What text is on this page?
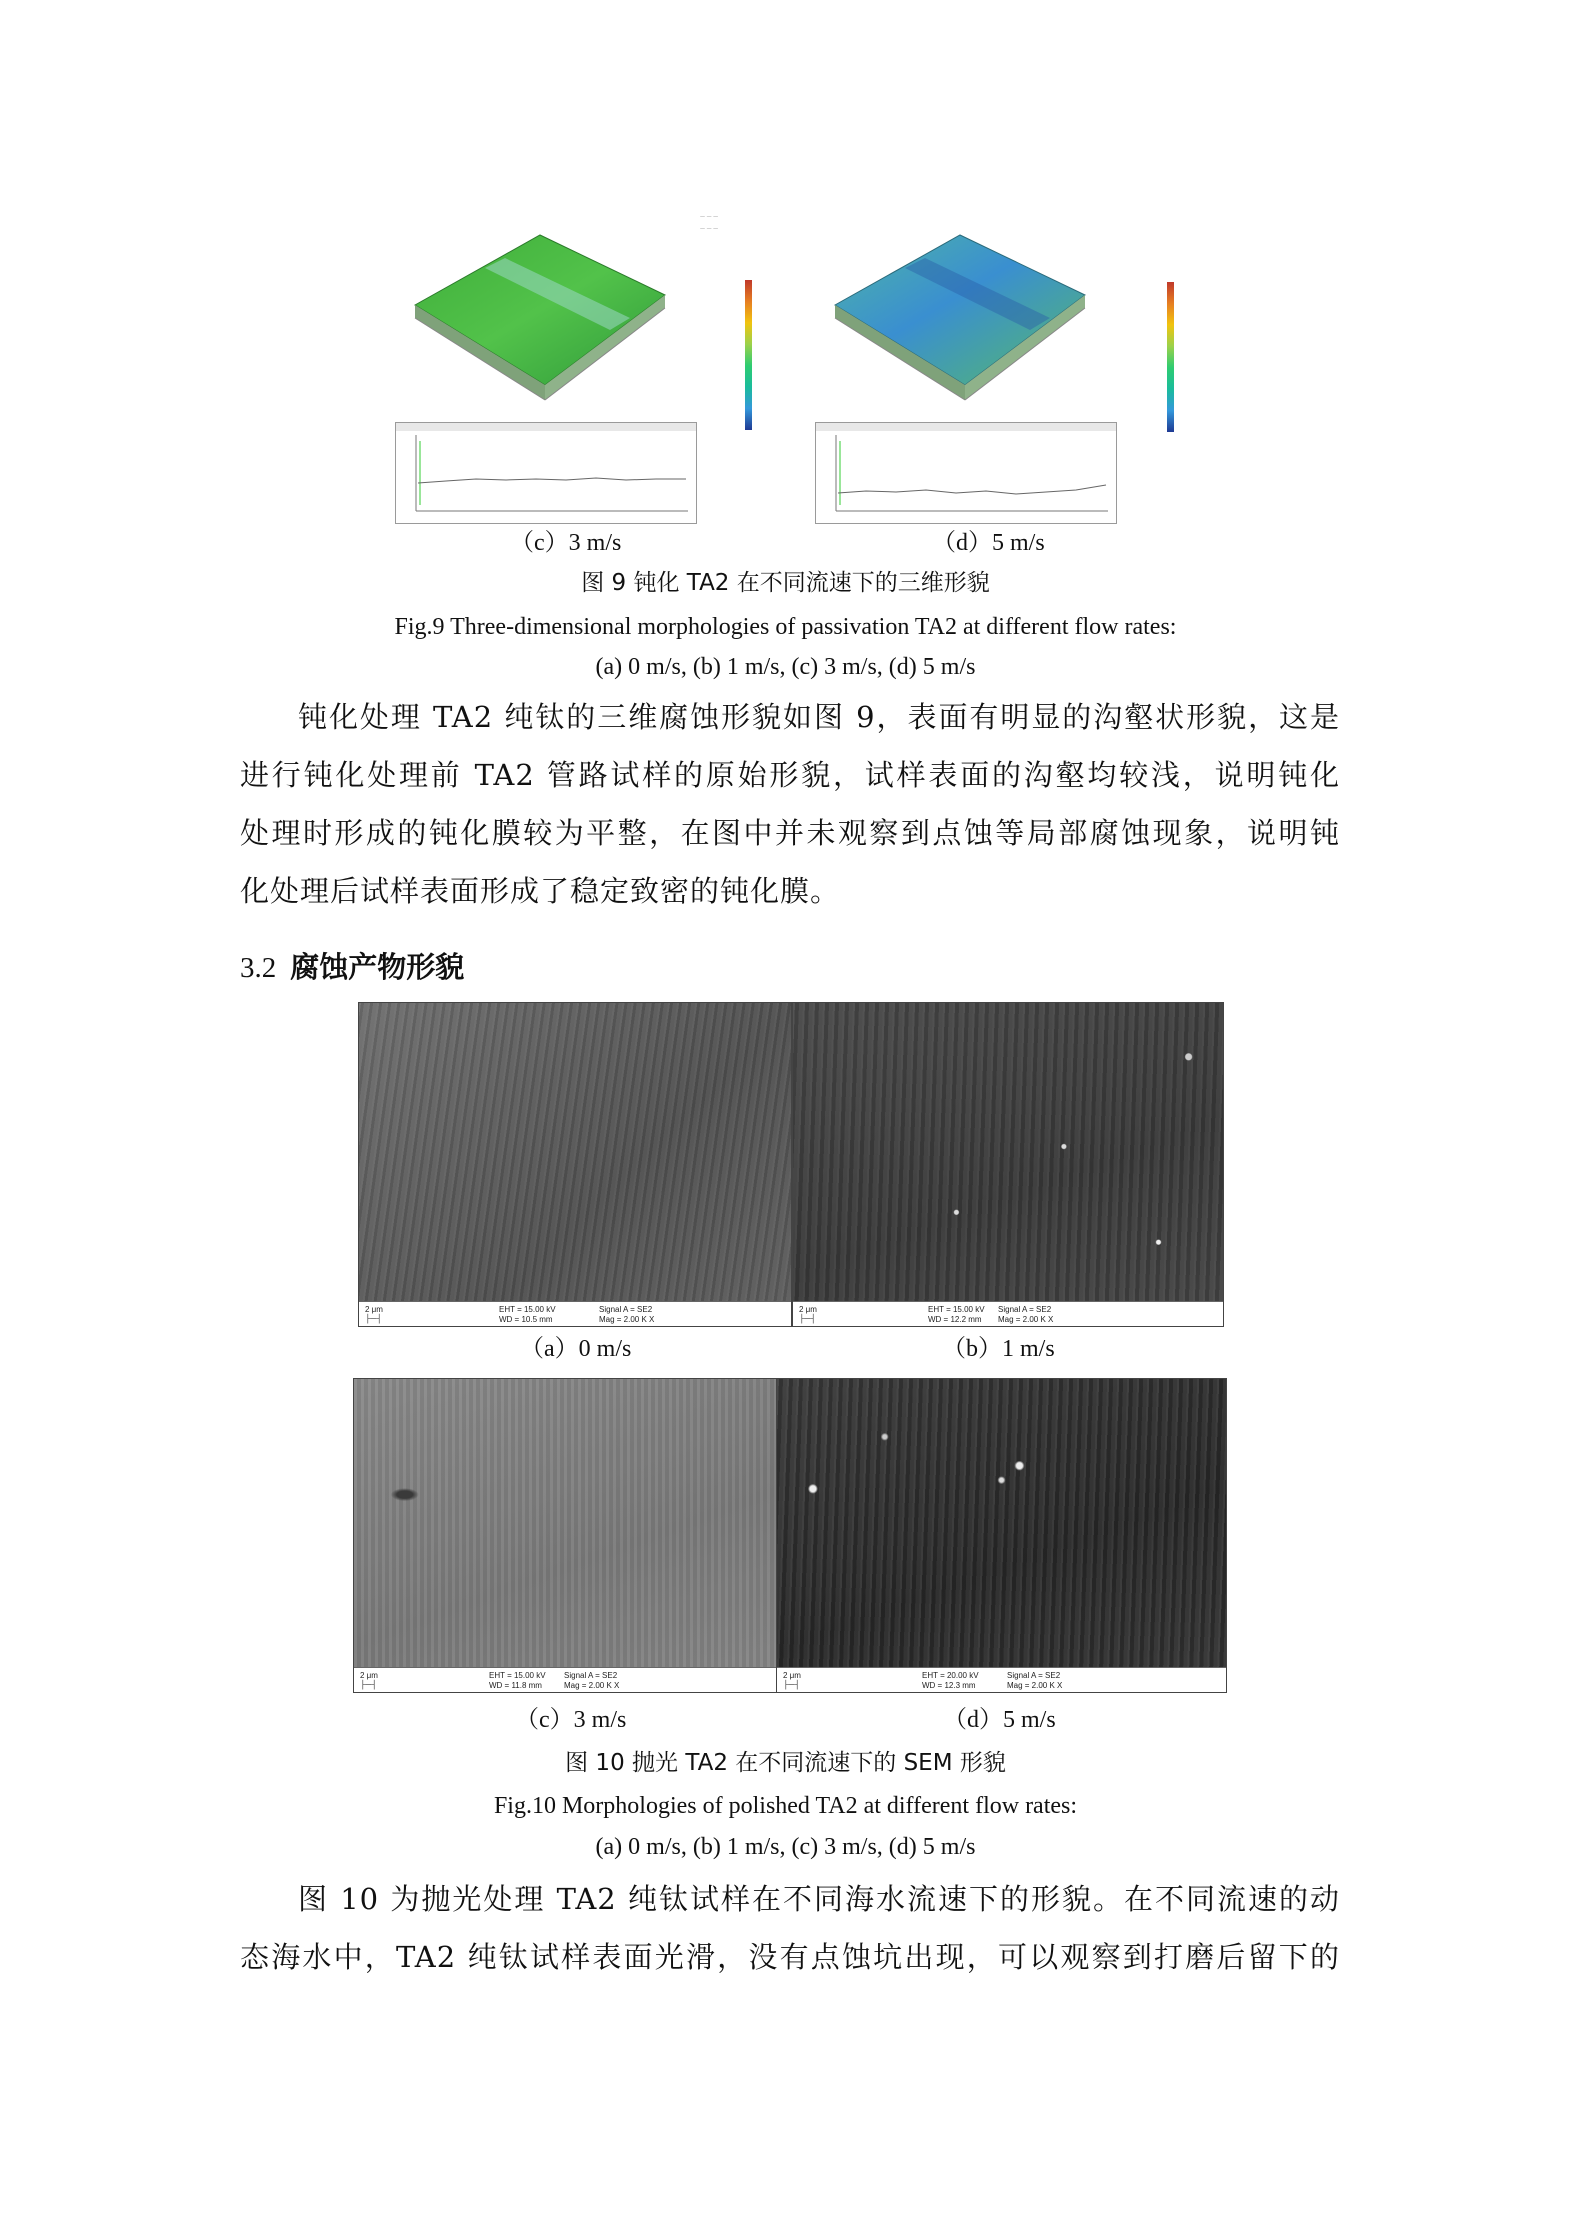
— — —
— — —
（c）3 m/s	（d）5 m/s
图 9 钝化 TA2 在不同流速下的三维形貌
Fig.9 Three-dimensional morphologies of passivation TA2 at different flow rates:
(a) 0 m/s, (b) 1 m/s, (c) 3 m/s, (d) 5 m/s
钝化处理 TA2 纯钛的三维腐蚀形貌如图 9，表面有明显的沟壑状形貌，这是
进行钝化处理前 TA2 管路试样的原始形貌，试样表面的沟壑均较浅，说明钝化
处理时形成的钝化膜较为平整，在图中并未观察到点蚀等局部腐蚀现象，说明钝
化处理后试样表面形成了稳定致密的钝化膜。
3.2 腐蚀产物形貌
2 μm
├─┤
EHT = 15.00 kV
WD = 10.5 mm
Signal A = SE2
Mag = 2.00 K X
2 μm
├─┤
EHT = 15.00 kV
WD = 12.2 mm
Signal A = SE2
Mag = 2.00 K X
（a）0 m/s	（b）1 m/s
2 μm
├─┤
EHT = 15.00 kV
WD = 11.8 mm
Signal A = SE2
Mag = 2.00 K X
2 μm
├─┤
EHT = 20.00 kV
WD = 12.3 mm
Signal A = SE2
Mag = 2.00 K X
（c）3 m/s	（d）5 m/s
图 10 抛光 TA2 在不同流速下的 SEM 形貌
Fig.10 Morphologies of polished TA2 at different flow rates:
(a) 0 m/s, (b) 1 m/s, (c) 3 m/s, (d) 5 m/s
图 10 为抛光处理 TA2 纯钛试样在不同海水流速下的形貌。在不同流速的动
态海水中，TA2 纯钛试样表面光滑，没有点蚀坑出现，可以观察到打磨后留下的
